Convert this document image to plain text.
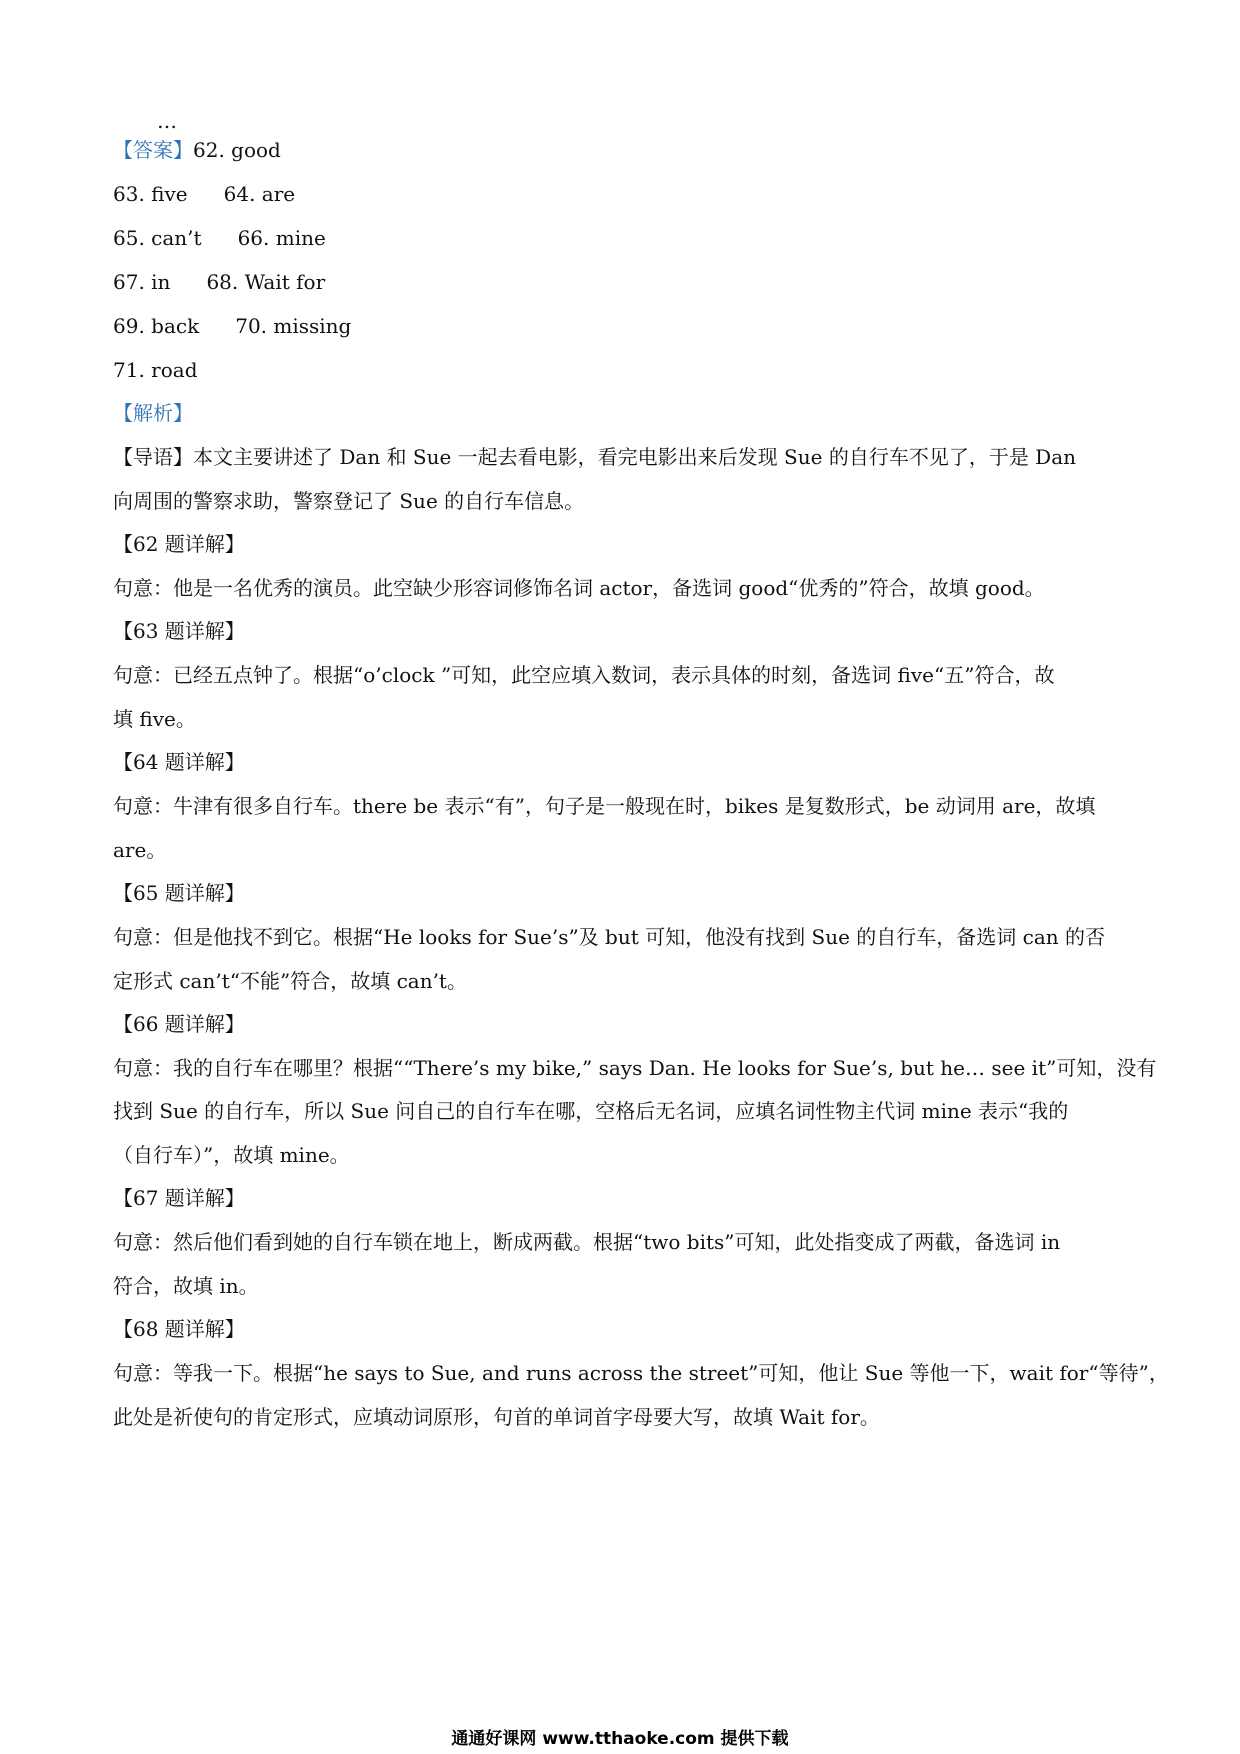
…
【答案】62. good
63. five 64. are
65. can’t 66. mine
67. in 68. Wait for
69. back 70. missing
71. road
【解析】
【导语】本文主要讲述了 Dan 和 Sue 一起去看电影，看完电影出来后发现 Sue 的自行车不见了，于是 Dan
向周围的警察求助，警察登记了 Sue 的自行车信息。
【62 题详解】
句意：他是一名优秀的演员。此空缺少形容词修饰名词 actor，备选词 good“优秀的”符合，故填 good。
【63 题详解】
句意：已经五点钟了。根据“o’clock ”可知，此空应填入数词，表示具体的时刻，备选词 five“五”符合，故
填 five。
【64 题详解】
句意：牛津有很多自行车。there be 表示“有”，句子是一般现在时，bikes 是复数形式，be 动词用 are，故填
are。
【65 题详解】
句意：但是他找不到它。根据“He looks for Sue’s”及 but 可知，他没有找到 Sue 的自行车，备选词 can 的否
定形式 can’t“不能”符合，故填 can’t。
【66 题详解】
句意：我的自行车在哪里？根据““There’s my bike,” says Dan. He looks for Sue’s, but he… see it”可知，没有
找到 Sue 的自行车，所以 Sue 问自己的自行车在哪，空格后无名词，应填名词性物主代词 mine 表示“我的
（自行车）”，故填 mine。
【67 题详解】
句意：然后他们看到她的自行车锁在地上，断成两截。根据“two bits”可知，此处指变成了两截，备选词 in
符合，故填 in。
【68 题详解】
句意：等我一下。根据“he says to Sue, and runs across the street”可知，他让 Sue 等他一下，wait for“等待”，
此处是祈使句的肯定形式，应填动词原形，句首的单词首字母要大写，故填 Wait for。
通通好课网 www.tthaoke.com 提供下载
